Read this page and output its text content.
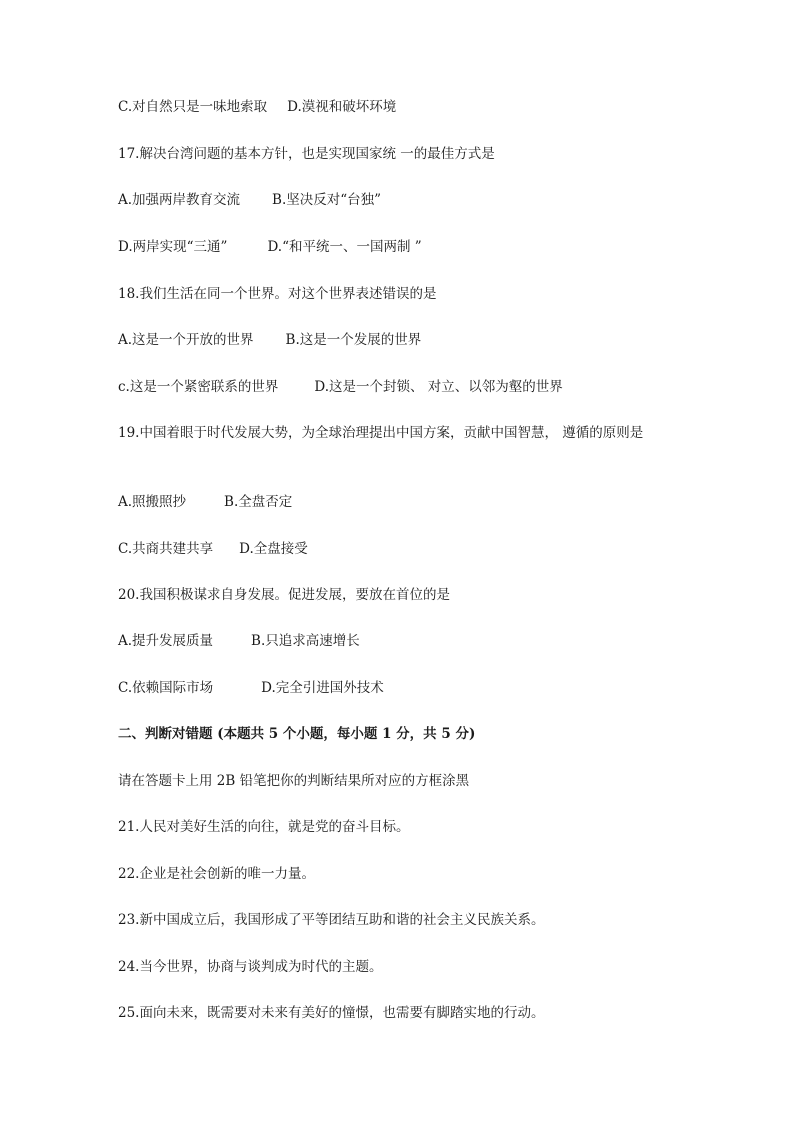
C.对自然只是一味地索取 D.漠视和破坏环境
17.解决台湾问题的基本方针，也是实现国家统 一的最佳方式是
A.加强两岸教育交流 B.坚决反对“台独”
D.两岸实现“三通”	D.“和平统一、一国两制 ”
18.我们生活在同一个世界。对这个世界表述错误的是
A.这是一个开放的世界 B.这是一个发展的世界
c.这是一个紧密联系的世界	D.这是一个封锁、 对立、以邻为壑的世界
19.中国着眼于时代发展大势，为全球治理提出中国方案，贡献中国智慧， 遵循的原则是
A.照搬照抄	B.全盘否定
C.共商共建共享 D.全盘接受
20.我国积极谋求自身发展。促进发展，要放在首位的是
A.提升发展质量	B.只追求高速增长
C.依赖国际市场	D.完全引进国外技术
二、判断对错题 (本题共 5 个小题，每小题 1 分，共 5 分)
请在答题卡上用 2B 铅笔把你的判断结果所对应的方框涂黑
21.人民对美好生活的向往，就是党的奋斗目标。
22.企业是社会创新的唯一力量。
23.新中国成立后，我国形成了平等团结互助和谐的社会主义民族关系。
24.当今世界，协商与谈判成为时代的主题。
25.面向未来，既需要对未来有美好的憧憬，也需要有脚踏实地的行动。
